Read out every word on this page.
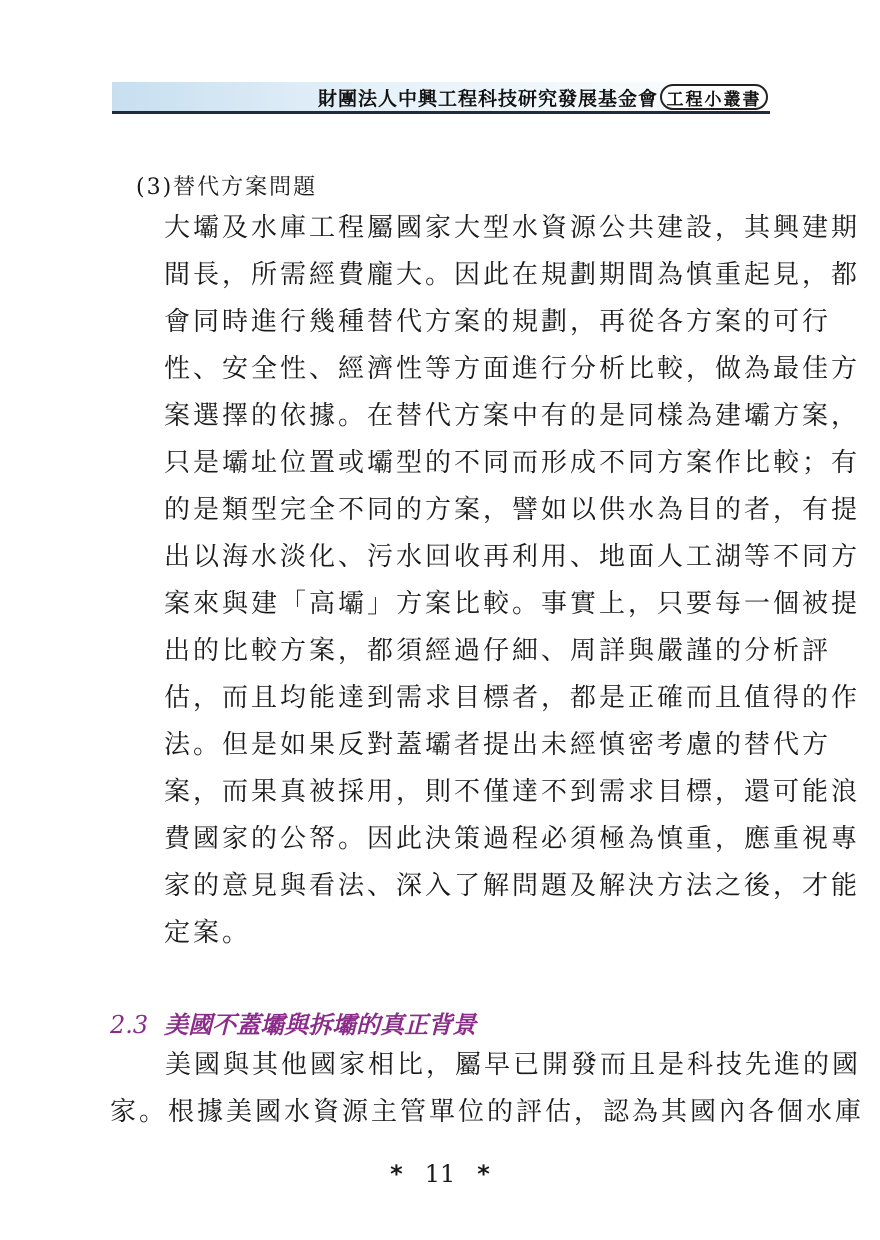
財團法人中興工程科技研究發展基金會 工程小叢書
(3)替代方案問題
大壩及水庫工程屬國家大型水資源公共建設，其興建期
間長，所需經費龐大。因此在規劃期間為慎重起見，都
會同時進行幾種替代方案的規劃，再從各方案的可行
性、安全性、經濟性等方面進行分析比較，做為最佳方
案選擇的依據。在替代方案中有的是同樣為建壩方案，
只是壩址位置或壩型的不同而形成不同方案作比較；有
的是類型完全不同的方案，譬如以供水為目的者，有提
出以海水淡化、污水回收再利用、地面人工湖等不同方
案來與建「高壩」方案比較。事實上，只要每一個被提
出的比較方案，都須經過仔細、周詳與嚴謹的分析評
估，而且均能達到需求目標者，都是正確而且值得的作
法。但是如果反對蓋壩者提出未經慎密考慮的替代方
案，而果真被採用，則不僅達不到需求目標，還可能浪
費國家的公帑。因此決策過程必須極為慎重，應重視專
家的意見與看法、深入了解問題及解決方法之後，才能
定案。
2.3 美國不蓋壩與拆壩的真正背景
美國與其他國家相比，屬早已開發而且是科技先進的國
家。根據美國水資源主管單位的評估，認為其國內各個水庫
* 11 *
